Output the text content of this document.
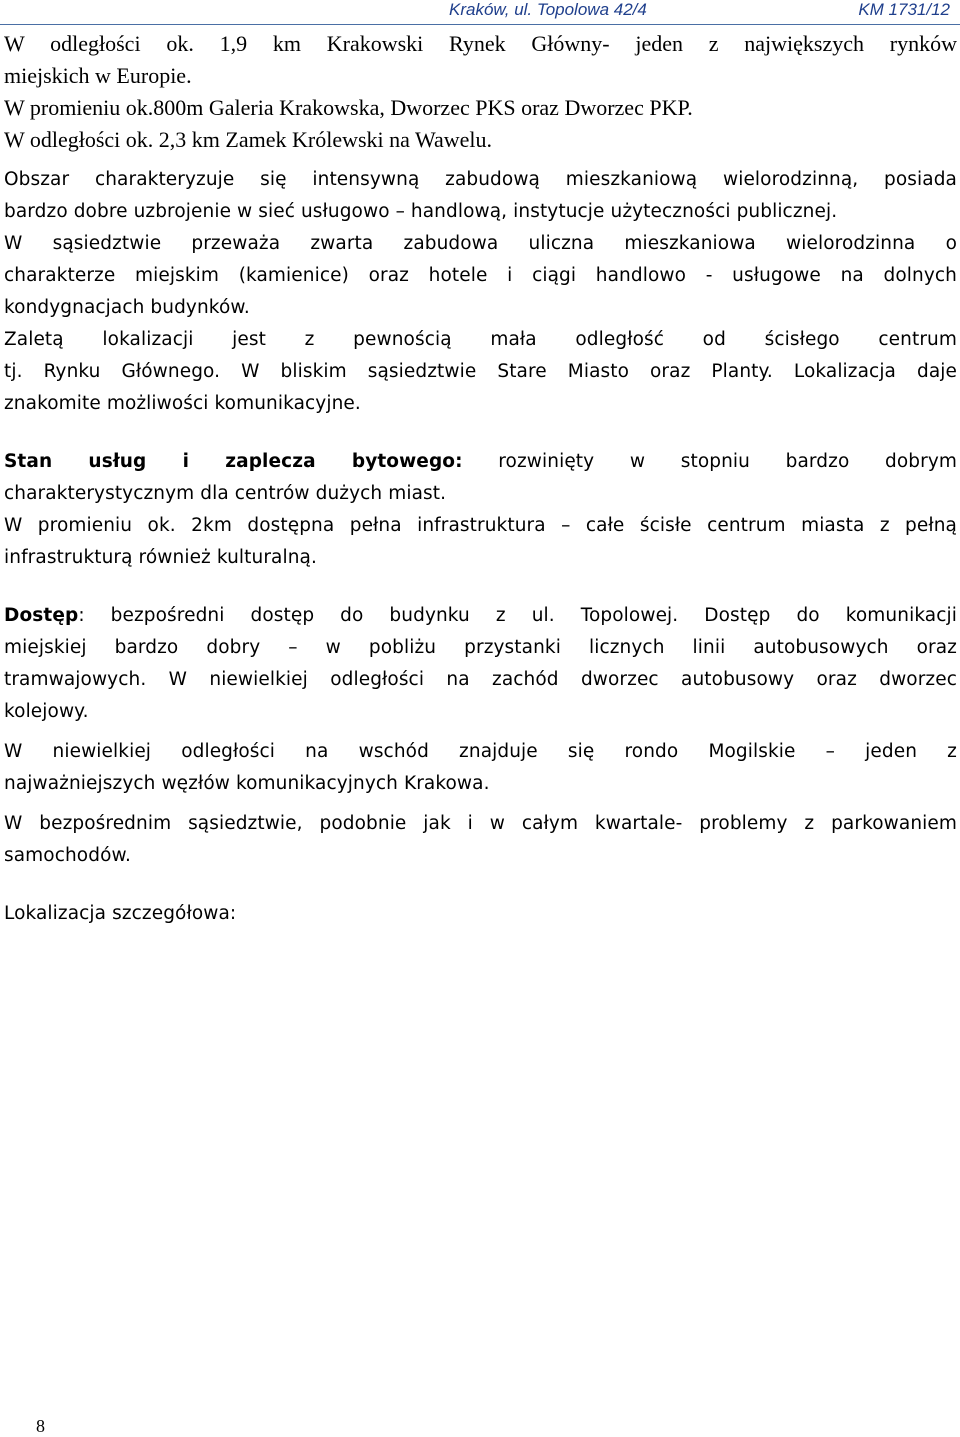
Kraków, ul. Topolowa 42/4	KM 1731/12
W odległości ok. 1,9 km Krakowski Rynek Główny- jeden z największych rynków
miejskich w Europie.
W promieniu ok.800m Galeria Krakowska, Dworzec PKS oraz Dworzec PKP.
W odległości ok. 2,3 km Zamek Królewski na Wawelu.
Obszar charakteryzuje się intensywną zabudową mieszkaniową wielorodzinną, posiada
bardzo dobre uzbrojenie w sieć usługowo – handlową, instytucje użyteczności publicznej.
W sąsiedztwie przeważa zwarta zabudowa uliczna mieszkaniowa wielorodzinna o
charakterze miejskim (kamienice) oraz hotele i ciągi handlowo - usługowe na dolnych
kondygnacjach budynków.
Zaletą lokalizacji jest z pewnością mała odległość od ścisłego centrum
tj. Rynku Głównego. W bliskim sąsiedztwie Stare Miasto oraz Planty. Lokalizacja daje
znakomite możliwości komunikacyjne.
Stan usług i zaplecza bytowego: rozwinięty w stopniu bardzo dobrym
charakterystycznym dla centrów dużych miast.
W promieniu ok. 2km dostępna pełna infrastruktura – całe ścisłe centrum miasta z pełną
infrastrukturą również kulturalną.
Dostęp: bezpośredni dostęp do budynku z ul. Topolowej. Dostęp do komunikacji
miejskiej bardzo dobry – w pobliżu przystanki licznych linii autobusowych oraz
tramwajowych. W niewielkiej odległości na zachód dworzec autobusowy oraz dworzec
kolejowy.
W niewielkiej odległości na wschód znajduje się rondo Mogilskie – jeden z
najważniejszych węzłów komunikacyjnych Krakowa.
W bezpośrednim sąsiedztwie, podobnie jak i w całym kwartale- problemy z parkowaniem
samochodów.
Lokalizacja szczegółowa:
8
